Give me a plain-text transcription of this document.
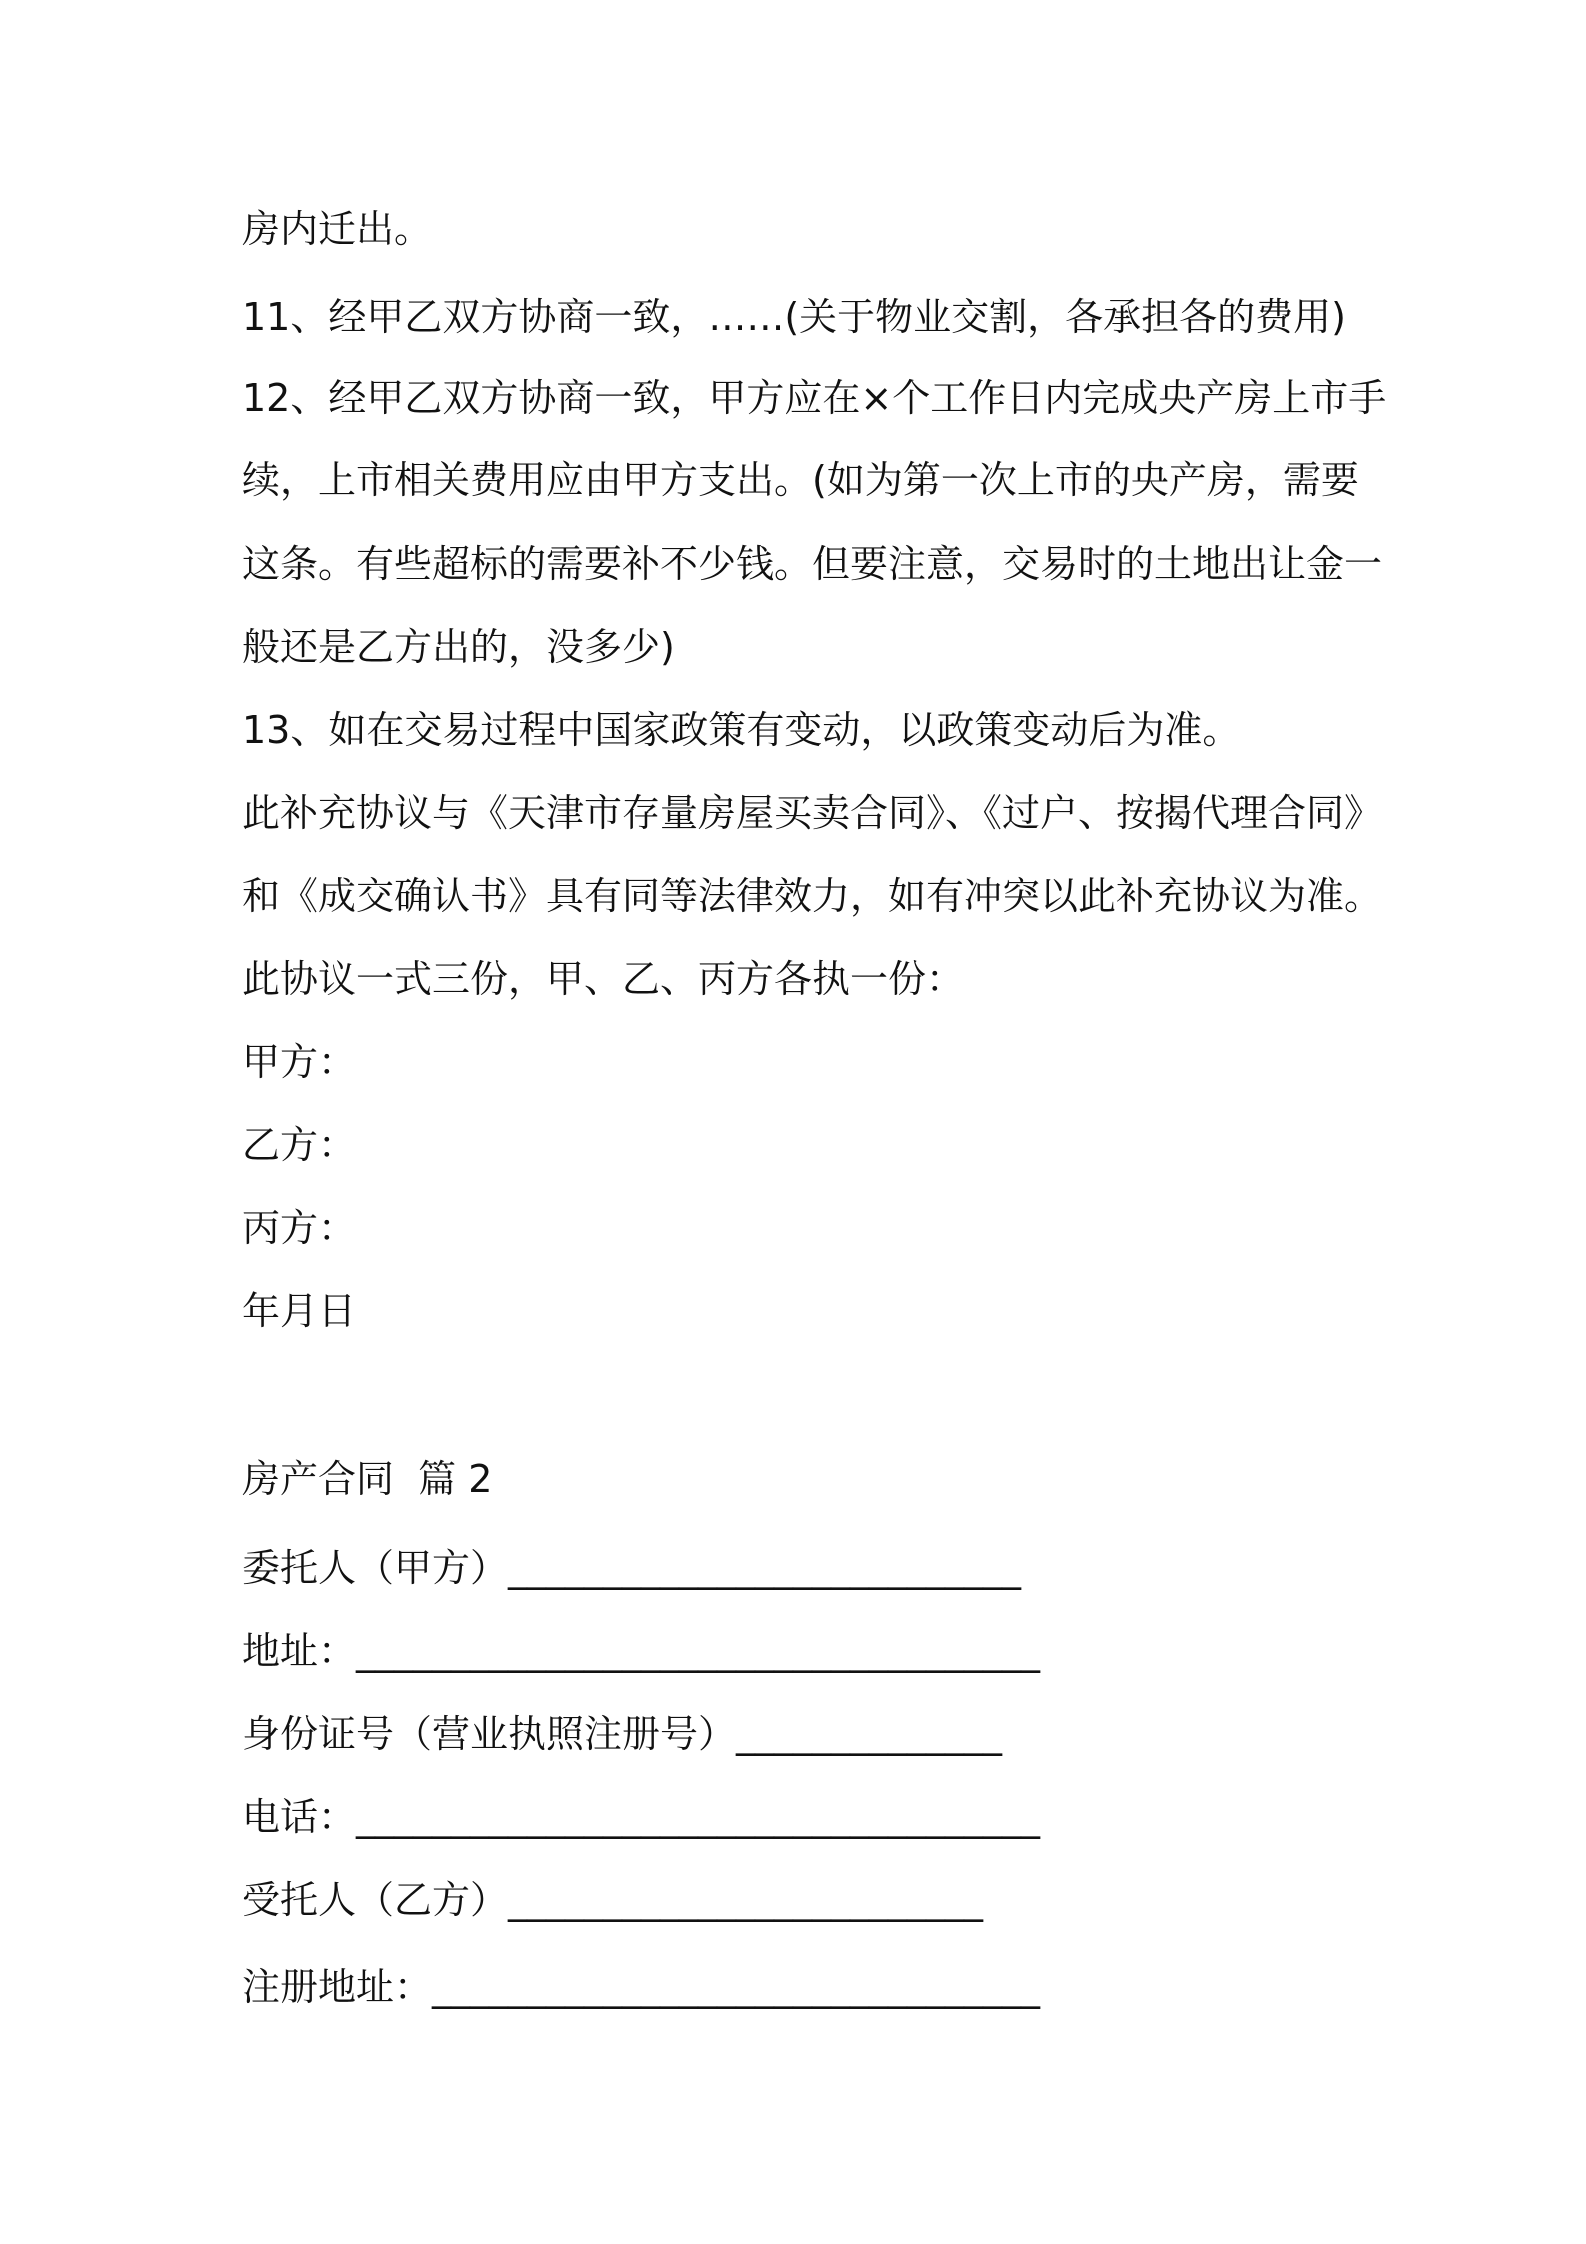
房内迁出。
11、经甲乙双方协商一致，……(关于物业交割，各承担各的费用)
12、经甲乙双方协商一致，甲方应在×个工作日内完成央产房上市手
续，上市相关费用应由甲方支出。(如为第一次上市的央产房，需要
这条。有些超标的需要补不少钱。但要注意，交易时的土地出让金一
般还是乙方出的，没多少)
13、如在交易过程中国家政策有变动，以政策变动后为准。
此补充协议与《天津市存量房屋买卖合同》、《过户、按揭代理合同》
和《成交确认书》具有同等法律效力，如有冲突以此补充协议为准。
此协议一式三份，甲、乙、丙方各执一份：
甲方：
乙方：
丙方：
年月日
房产合同  篇 2
委托人（甲方）___________________________
地址：____________________________________
身份证号（营业执照注册号）______________
电话：____________________________________
受托人（乙方）_________________________
注册地址：________________________________
